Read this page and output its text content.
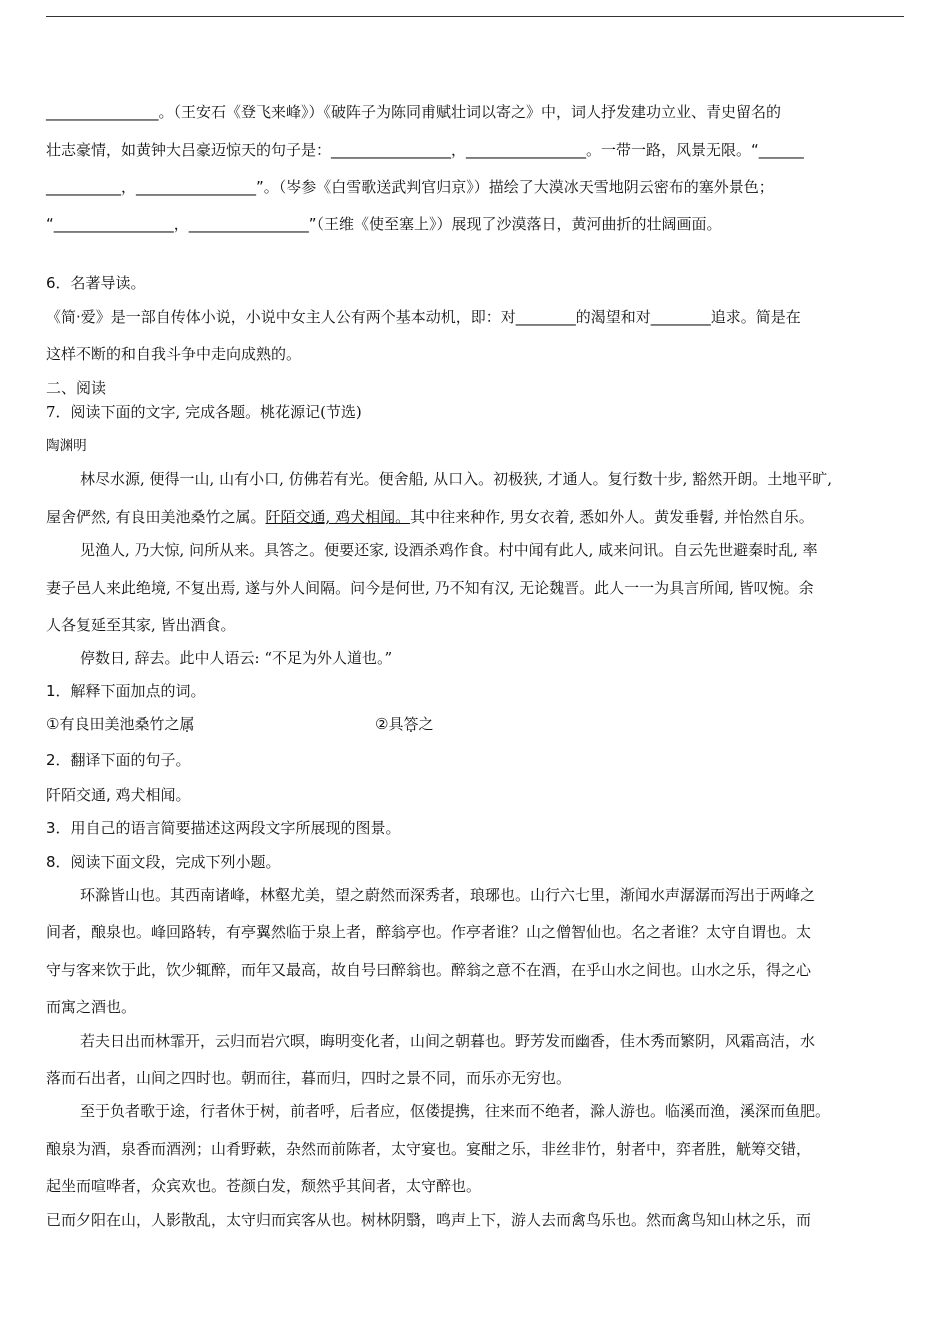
_______________。（王安石《登飞来峰》）《破阵子为陈同甫赋壮词以寄之》中，词人抒发建功立业、青史留名的
壮志豪情，如黄钟大吕豪迈惊天的句子是：________________，________________。一带一路，风景无限。“______
__________，________________”。（岑参《白雪歌送武判官归京》）描绘了大漠冰天雪地阴云密布的塞外景色；
“________________，________________”（王维《使至塞上》）展现了沙漠落日，黄河曲折的壮阔画面。
6．名著导读。
《简·爱》是一部自传体小说，小说中女主人公有两个基本动机，即：对________的渴望和对________追求。简是在
这样不断的和自我斗争中走向成熟的。
二、阅读
7．阅读下面的文字, 完成各题。桃花源记(节选)
陶渊明
林尽水源, 便得一山, 山有小口, 仿佛若有光。便舍船, 从口入。初极狭, 才通人。复行数十步, 豁然开朗。土地平旷,
屋舍俨然, 有良田美池桑竹之属。阡陌交通, 鸡犬相闻。其中往来种作, 男女衣着, 悉如外人。黄发垂髫, 并怡然自乐。
见渔人, 乃大惊, 问所从来。具答之。便要还家, 设酒杀鸡作食。村中闻有此人, 咸来问讯。自云先世避秦时乱, 率
妻子邑人来此绝境, 不复出焉, 遂与外人间隔。问今是何世, 乃不知有汉, 无论魏晋。此人一一为具言所闻, 皆叹惋。余
人各复延至其家, 皆出酒食。
停数日, 辞去。此中人语云: “不足为外人道也。”
1．解释下面加点的词。
①有良田美池桑竹之属	②具答之
2．翻译下面的句子。
阡陌交通, 鸡犬相闻。
3．用自己的语言简要描述这两段文字所展现的图景。
8．阅读下面文段，完成下列小题。
环滁皆山也。其西南诸峰，林壑尤美，望之蔚然而深秀者，琅琊也。山行六七里，渐闻水声潺潺而泻出于两峰之
间者，酿泉也。峰回路转，有亭翼然临于泉上者，醉翁亭也。作亭者谁？山之僧智仙也。名之者谁？太守自谓也。太
守与客来饮于此，饮少辄醉，而年又最高，故自号曰醉翁也。醉翁之意不在酒，在乎山水之间也。山水之乐，得之心
而寓之酒也。
若夫日出而林霏开，云归而岩穴暝，晦明变化者，山间之朝暮也。野芳发而幽香，佳木秀而繁阴，风霜高洁，水
落而石出者，山间之四时也。朝而往，暮而归，四时之景不同，而乐亦无穷也。
至于负者歌于途，行者休于树，前者呼，后者应，伛偻提携，往来而不绝者，滁人游也。临溪而渔，溪深而鱼肥。
酿泉为酒，泉香而酒洌；山肴野蔌，杂然而前陈者，太守宴也。宴酣之乐，非丝非竹，射者中，弈者胜，觥筹交错，
起坐而喧哗者，众宾欢也。苍颜白发，颓然乎其间者，太守醉也。
已而夕阳在山，人影散乱，太守归而宾客从也。树林阴翳，鸣声上下，游人去而禽鸟乐也。然而禽鸟知山林之乐，而
